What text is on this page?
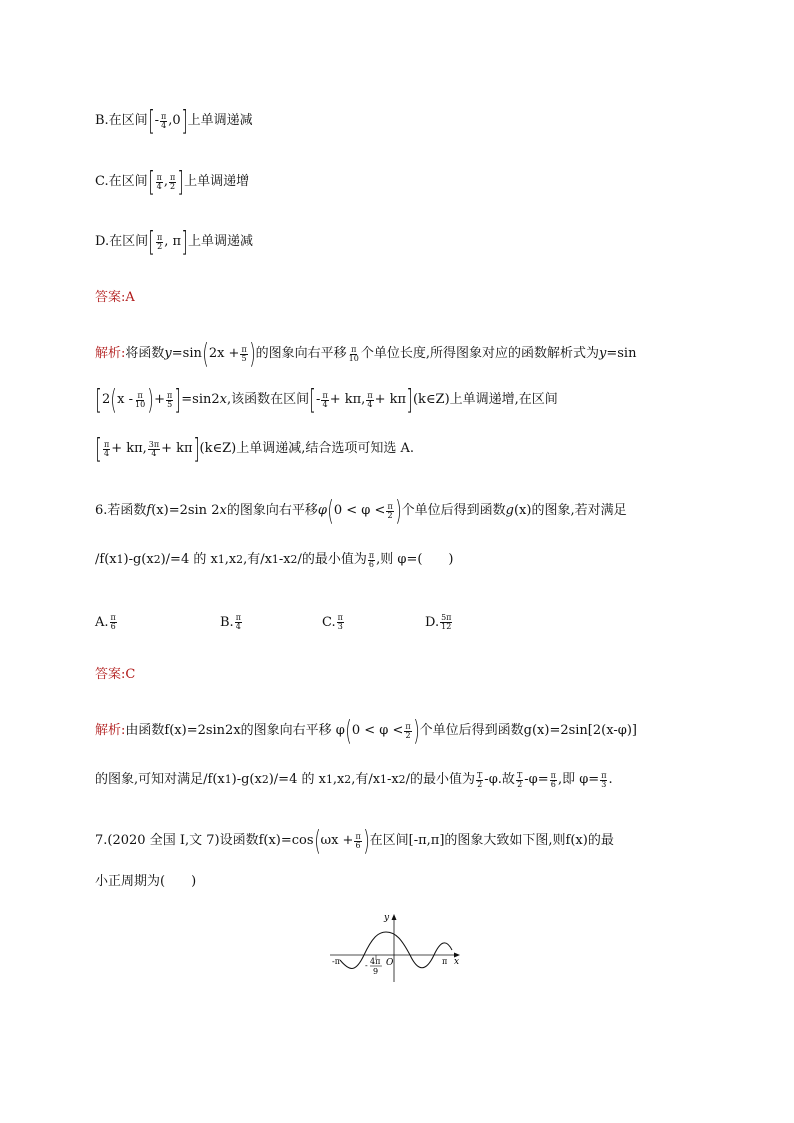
B.在区间 [ - $\frac{\pi}{4} ,0$ ] 上单调递减
C.在区间 [ $\frac{\pi}{4}$ , $\frac{\pi}{2}$ ] 上单调递增
D.在区间 [ $\frac{\pi}{2}$ , π ] 上单调递减
答案:A
解析: 将函数 y =sin ( $2x + \frac{\pi}{5}$ ) 的图象向右平移 $\frac{\pi}{10}$ 个单位长度,所得图象对应的函数解析式为 y =sin
[ 2 ( x - $\frac{\pi}{10}$ ) + $\frac{\pi}{5}$ ] =sin2 x ,该函数在区间 [ - $\frac{\pi}{4} + k\pi$, $\frac{\pi}{4} + k\pi$ ] (k∈Z) 上单调递增,在区间
[ $\frac{\pi}{4} + k\pi$, $\frac{3\pi}{4} + k\pi$ ] (k∈Z) 上单调递减,结合选项可知选 A.
6.若函数 f (x)=2sin 2 x 的图象向右平移 φ ( $0 < \varphi < \frac{\pi}{2}$ ) 个单位后得到函数 g (x)的图象,若对满足
/f(x 1 )-g(x 2 )/=4 的 x 1 ,x 2 ,有/x 1 -x 2 /的最小值为 $\frac{\pi}{6}$ ,则 φ=(　　)
A. $\frac{\pi}{6}$	B. $\frac{\pi}{4}$	C. $\frac{\pi}{3}$	D. $\frac{5\pi}{12}$
答案:C
解析: 由函数 f(x)=2sin2x 的图象向右平移 φ ( $0 < \varphi < \frac{\pi}{2}$ ) 个单位后得到函数 g(x)=2sin[2(x-φ)]
的图象,可知对满足/f(x 1 )-g(x 2 )/=4 的 x 1 ,x 2 ,有/x 1 -x 2 /的最小值为 $\frac{T}{2} -\varphi$.故 $\frac{T}{2} -\varphi= \frac{\pi}{6}$ ,即 $\varphi= \frac{\pi}{3}$ .
7.(2020 全国 Ⅰ,文 7)设函数 f(x)=cos ( $\omega x + \frac{\pi}{6}$ ) 在区间[-π,π]的图象大致如下图,则 f(x)的最
小正周期为(　　)
y
x
-π	π
O
- 4π
9
